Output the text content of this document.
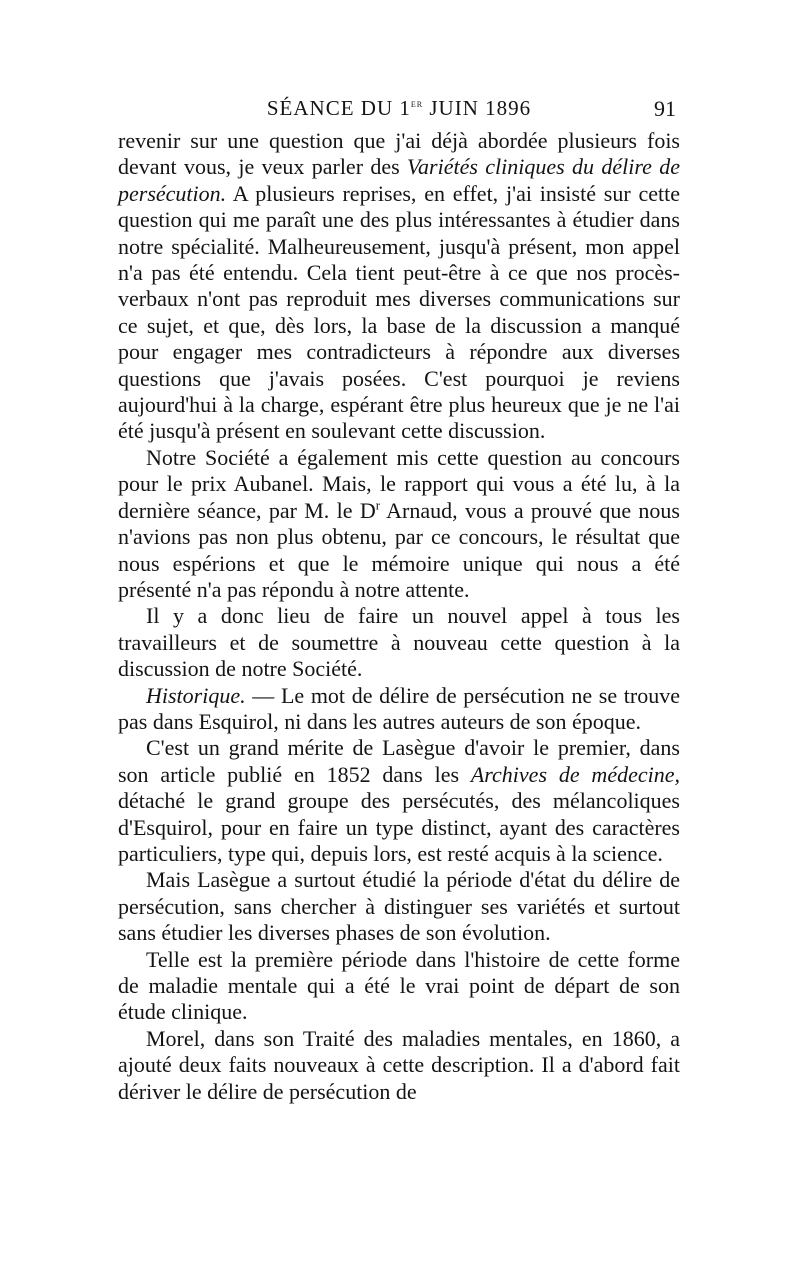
SÉANCE DU 1er JUIN 1896	91

revenir sur une question que j'ai déjà abordée plusieurs fois devant vous, je veux parler des Variétés cliniques du délire de persécution. A plusieurs reprises, en effet, j'ai insisté sur cette question qui me paraît une des plus intéressantes à étudier dans notre spécialité. Malheureusement, jusqu'à présent, mon appel n'a pas été entendu. Cela tient peut-être à ce que nos procès-verbaux n'ont pas reproduit mes diverses communications sur ce sujet, et que, dès lors, la base de la discussion a manqué pour engager mes contradicteurs à répondre aux diverses questions que j'avais posées. C'est pourquoi je reviens aujourd'hui à la charge, espérant être plus heureux que je ne l'ai été jusqu'à présent en soulevant cette discussion.

Notre Société a également mis cette question au concours pour le prix Aubanel. Mais, le rapport qui vous a été lu, à la dernière séance, par M. le $D^r$ Arnaud, vous a prouvé que nous n'avions pas non plus obtenu, par ce concours, le résultat que nous espérions et que le mémoire unique qui nous a été présenté n'a pas répondu à notre attente.

Il y a donc lieu de faire un nouvel appel à tous les travailleurs et de soumettre à nouveau cette question à la discussion de notre Société.

Historique. — Le mot de délire de persécution ne se trouve pas dans Esquirol, ni dans les autres auteurs de son époque.

C'est un grand mérite de Lasègue d'avoir le premier, dans son article publié en 1852 dans les Archives de médecine, détaché le grand groupe des persécutés, des mélancoliques d'Esquirol, pour en faire un type distinct, ayant des caractères particuliers, type qui, depuis lors, est resté acquis à la science.

Mais Lasègue a surtout étudié la période d'état du délire de persécution, sans chercher à distinguer ses variétés et surtout sans étudier les diverses phases de son évolution.

Telle est la première période dans l'histoire de cette forme de maladie mentale qui a été le vrai point de départ de son étude clinique.

Morel, dans son Traité des maladies mentales, en 1860, a ajouté deux faits nouveaux à cette description. Il a d'abord fait dériver le délire de persécution de
